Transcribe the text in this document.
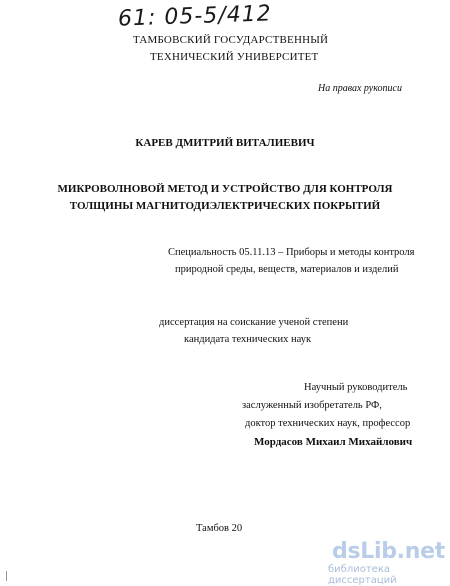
61: 05-5/412
ТАМБОВСКИЙ ГОСУДАРСТВЕННЫЙ
ТЕХНИЧЕСКИЙ УНИВЕРСИТЕТ
На правах рукописи
КАРЕВ ДМИТРИЙ ВИТАЛИЕВИЧ
МИКРОВОЛНОВОЙ МЕТОД И УСТРОЙСТВО ДЛЯ КОНТРОЛЯ
ТОЛЩИНЫ МАГНИТОДИЭЛЕКТРИЧЕСКИХ ПОКРЫТИЙ
Специальность 05.11.13 – Приборы и методы контроля
природной среды, веществ, материалов и изделий
диссертация на соискание ученой степени
кандидата технических наук
Научный руководитель
заслуженный изобретатель РФ,
доктор технических наук, профессор
Мордасов Михаил Михайлович
Тамбов 20
dsLib.net
библиотека диссертаций
